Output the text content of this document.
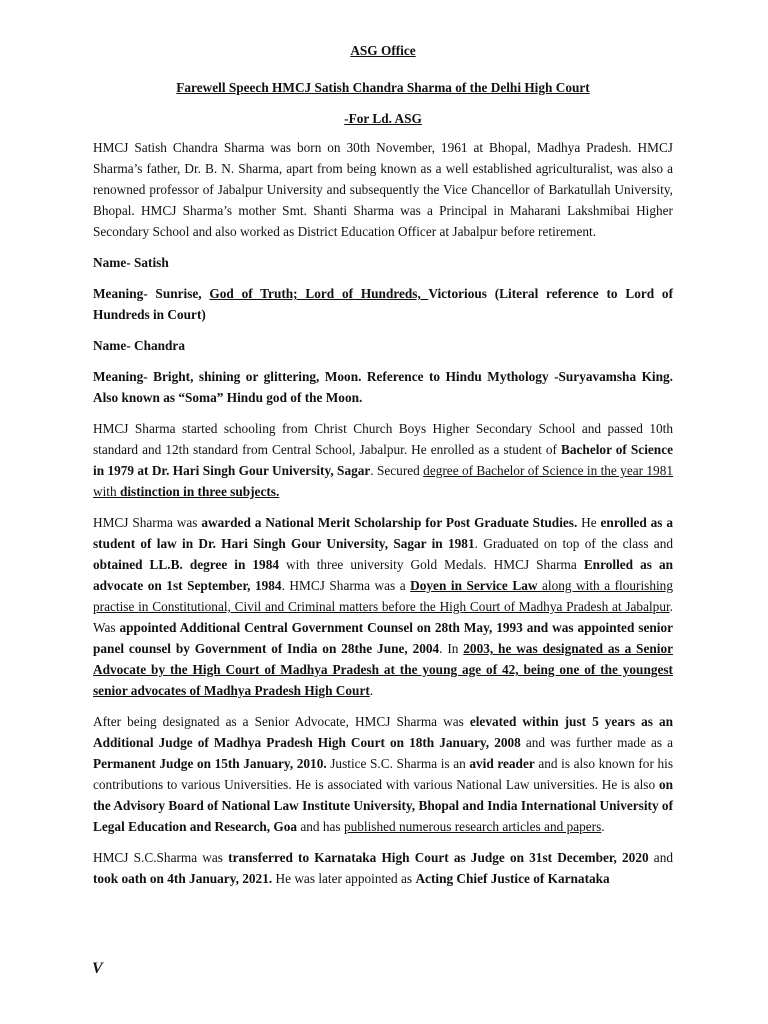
ASG Office

Farewell Speech HMCJ Satish Chandra Sharma of the Delhi High Court

-For Ld. ASG

HMCJ Satish Chandra Sharma was born on 30th November, 1961 at Bhopal, Madhya Pradesh. HMCJ Sharma’s father, Dr. B. N. Sharma, apart from being known as a well established agriculturalist, was also a renowned professor of Jabalpur University and subsequently the Vice Chancellor of Barkatullah University, Bhopal. HMCJ Sharma’s mother Smt. Shanti Sharma was a Principal in Maharani Lakshmibai Higher Secondary School and also worked as District Education Officer at Jabalpur before retirement.

Name- Satish

Meaning- Sunrise, God of Truth; Lord of Hundreds, Victorious (Literal reference to Lord of Hundreds in Court)

Name- Chandra

Meaning- Bright, shining or glittering, Moon. Reference to Hindu Mythology -Suryavamsha King. Also known as “Soma” Hindu god of the Moon.

HMCJ Sharma started schooling from Christ Church Boys Higher Secondary School and passed 10th standard and 12th standard from Central School, Jabalpur. He enrolled as a student of Bachelor of Science in 1979 at Dr. Hari Singh Gour University, Sagar. Secured degree of Bachelor of Science in the year 1981 with distinction in three subjects.

HMCJ Sharma was awarded a National Merit Scholarship for Post Graduate Studies. He enrolled as a student of law in Dr. Hari Singh Gour University, Sagar in 1981. Graduated on top of the class and obtained LL.B. degree in 1984 with three university Gold Medals. HMCJ Sharma Enrolled as an advocate on 1st September, 1984. HMCJ Sharma was a Doyen in Service Law along with a flourishing practise in Constitutional, Civil and Criminal matters before the High Court of Madhya Pradesh at Jabalpur. Was appointed Additional Central Government Counsel on 28th May, 1993 and was appointed senior panel counsel by Government of India on 28the June, 2004. In 2003, he was designated as a Senior Advocate by the High Court of Madhya Pradesh at the young age of 42, being one of the youngest senior advocates of Madhya Pradesh High Court.

After being designated as a Senior Advocate, HMCJ Sharma was elevated within just 5 years as an Additional Judge of Madhya Pradesh High Court on 18th January, 2008 and was further made as a Permanent Judge on 15th January, 2010. Justice S.C. Sharma is an avid reader and is also known for his contributions to various Universities. He is associated with various National Law universities. He is also on the Advisory Board of National Law Institute University, Bhopal and India International University of Legal Education and Research, Goa and has published numerous research articles and papers.

HMCJ S.C.Sharma was transferred to Karnataka High Court as Judge on 31st December, 2020 and took oath on 4th January, 2021. He was later appointed as Acting Chief Justice of Karnataka

V
